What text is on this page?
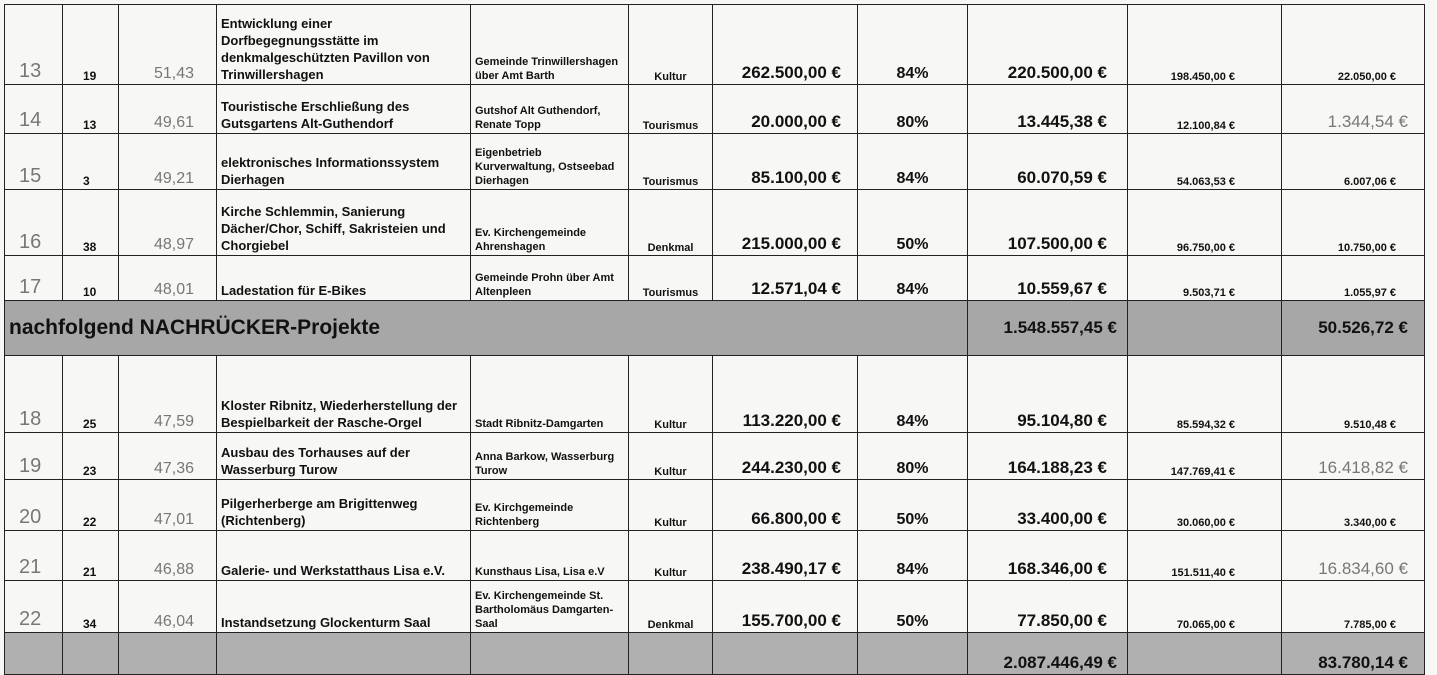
13	19	51,43	Entwicklung einer Dorfbegegnungsstätte im denkmalgeschützten Pavillon von Trinwillershagen	Gemeinde Trinwillershagen über Amt Barth	Kultur	262.500,00 €	84%	220.500,00 €	198.450,00 €	22.050,00 €
14	13	49,61	Touristische Erschließung des Gutsgartens Alt-Guthendorf	Gutshof Alt Guthendorf, Renate Topp	Tourismus	20.000,00 €	80%	13.445,38 €	12.100,84 €	1.344,54 €
15	3	49,21	elektronisches Informationssystem Dierhagen	Eigenbetrieb Kurverwaltung, Ostseebad Dierhagen	Tourismus	85.100,00 €	84%	60.070,59 €	54.063,53 €	6.007,06 €
16	38	48,97	Kirche Schlemmin, Sanierung Dächer/Chor, Schiff, Sakristeien und Chorgiebel	Ev. Kirchengemeinde Ahrenshagen	Denkmal	215.000,00 €	50%	107.500,00 €	96.750,00 €	10.750,00 €
17	10	48,01	Ladestation für E-Bikes	Gemeinde Prohn über Amt Altenpleen	Tourismus	12.571,04 €	84%	10.559,67 €	9.503,71 €	1.055,97 €
nachfolgend NACHRÜCKER-Projekte								1.548.557,45 €		50.526,72 €
18	25	47,59	Kloster Ribnitz, Wiederherstellung der Bespielbarkeit der Rasche-Orgel	Stadt Ribnitz-Damgarten	Kultur	113.220,00 €	84%	95.104,80 €	85.594,32 €	9.510,48 €
19	23	47,36	Ausbau des Torhauses auf der Wasserburg Turow	Anna Barkow, Wasserburg Turow	Kultur	244.230,00 €	80%	164.188,23 €	147.769,41 €	16.418,82 €
20	22	47,01	Pilgerherberge am Brigittenweg (Richtenberg)	Ev. Kirchgemeinde Richtenberg	Kultur	66.800,00 €	50%	33.400,00 €	30.060,00 €	3.340,00 €
21	21	46,88	Galerie- und Werkstatthaus Lisa e.V.	Kunsthaus Lisa, Lisa e.V	Kultur	238.490,17 €	84%	168.346,00 €	151.511,40 €	16.834,60 €
22	34	46,04	Instandsetzung Glockenturm Saal	Ev. Kirchengemeinde St. Bartholomäus Damgarten-Saal	Denkmal	155.700,00 €	50%	77.850,00 €	70.065,00 €	7.785,00 €
								2.087.446,49 €		83.780,14 €
